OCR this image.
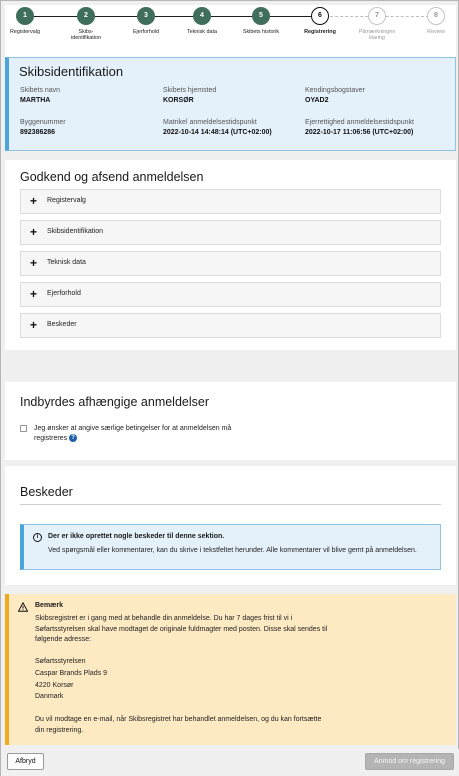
1
Registervalg
2
Skibs-
identifikation
3
Ejerforhold
4
Teknisk data
5
Skibets historik
6
Registrering
7
Påmærkningen
klaring
8
Review
Skibsidentifikation
Skibets navn
MARTHA
Skibets hjemsted
KORSØR
Kendingsbogstaver
OYAD2
Byggenummer
892386286
Matrikel anmeldelsestidspunkt
2022-10-14 14:48:14 (UTC+02:00)
Ejerrettighed anmeldelsestidspunkt
2022-10-17 11:06:56 (UTC+02:00)
Godkend og afsend anmeldelsen
+ Registervalg
+ Skibsidentifikation
+ Teknisk data
+ Ejerforhold
+ Beskeder
Indbyrdes afhængige anmeldelser
Jeg ønsker at angive særlige betingelser for at anmeldelsen må registreres ?
Beskeder
i	Der er ikke oprettet nogle beskeder til denne sektion.
Ved spørgsmål eller kommentarer, kan du skrive i tekstfeltet herunder. Alle kommentarer vil blive gemt på anmeldelsen.
Bemærk
Skibsregistret er i gang med at behandle din anmeldelse. Du har 7 dages frist til vi i Søfartsstyrelsen skal have modtaget de originale fuldmagter med posten. Disse skal sendes til følgende adresse:
Søfartsstyrelsen
Caspar Brands Plads 9
4220 Korsør
Danmark
Du vil modtage en e-mail, når Skibsregistret har behandlet anmeldelsen, og du kan fortsætte din registrering.
Afbryd	Anmod om registrering
